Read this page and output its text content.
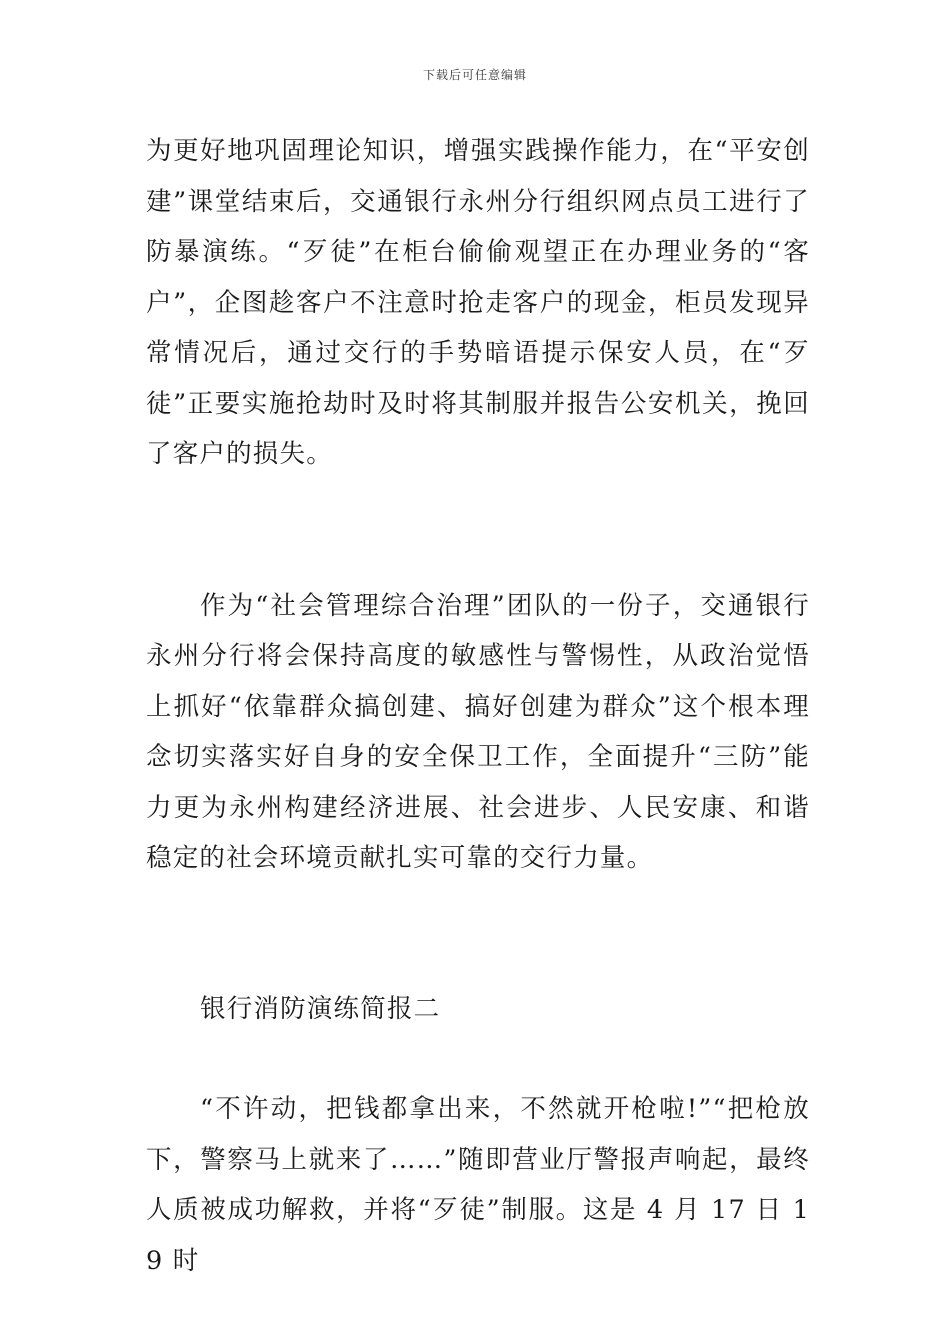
下载后可任意编辑

为更好地巩固理论知识，增强实践操作能力，在“平安创建”课堂结束后，交通银行永州分行组织网点员工进行了防暴演练。“歹徒”在柜台偷偷观望正在办理业务的“客户”，企图趁客户不注意时抢走客户的现金，柜员发现异常情况后，通过交行的手势暗语提示保安人员，在“歹徒”正要实施抢劫时及时将其制服并报告公安机关，挽回了客户的损失。

作为“社会管理综合治理”团队的一份子，交通银行永州分行将会保持高度的敏感性与警惕性，从政治觉悟上抓好“依靠群众搞创建、搞好创建为群众”这个根本理念切实落实好自身的安全保卫工作，全面提升“三防”能力更为永州构建经济进展、社会进步、人民安康、和谐稳定的社会环境贡献扎实可靠的交行力量。

银行消防演练简报二

“不许动，把钱都拿出来，不然就开枪啦!”“把枪放下，警察马上就来了……”随即营业厅警报声响起，最终人质被成功解救，并将“歹徒”制服。这是 4 月 17 日 19 时
